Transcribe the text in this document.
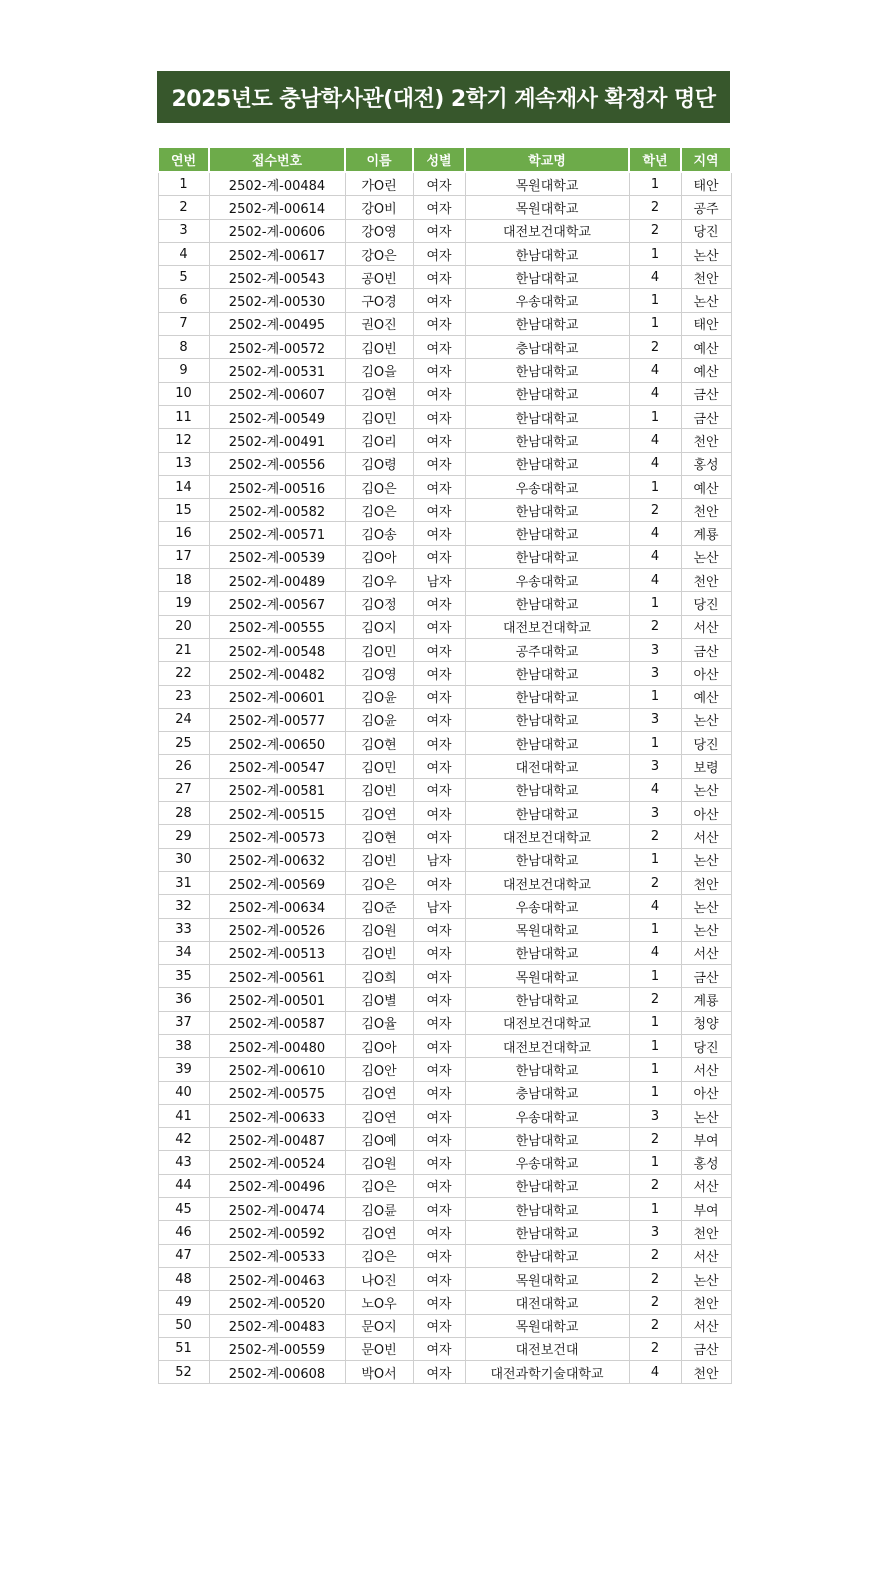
2025년도 충남학사관(대전) 2학기 계속재사 확정자 명단
연번	접수번호	이름	성별	학교명	학년	지역
1	2502-계-00484	가O린	여자	목원대학교	1	태안
2	2502-계-00614	강O비	여자	목원대학교	2	공주
3	2502-계-00606	강O영	여자	대전보건대학교	2	당진
4	2502-계-00617	강O은	여자	한남대학교	1	논산
5	2502-계-00543	공O빈	여자	한남대학교	4	천안
6	2502-계-00530	구O경	여자	우송대학교	1	논산
7	2502-계-00495	권O진	여자	한남대학교	1	태안
8	2502-계-00572	김O빈	여자	충남대학교	2	예산
9	2502-계-00531	김O을	여자	한남대학교	4	예산
10	2502-계-00607	김O현	여자	한남대학교	4	금산
11	2502-계-00549	김O민	여자	한남대학교	1	금산
12	2502-계-00491	김O리	여자	한남대학교	4	천안
13	2502-계-00556	김O령	여자	한남대학교	4	홍성
14	2502-계-00516	김O은	여자	우송대학교	1	예산
15	2502-계-00582	김O은	여자	한남대학교	2	천안
16	2502-계-00571	김O송	여자	한남대학교	4	계룡
17	2502-계-00539	김O아	여자	한남대학교	4	논산
18	2502-계-00489	김O우	남자	우송대학교	4	천안
19	2502-계-00567	김O정	여자	한남대학교	1	당진
20	2502-계-00555	김O지	여자	대전보건대학교	2	서산
21	2502-계-00548	김O민	여자	공주대학교	3	금산
22	2502-계-00482	김O영	여자	한남대학교	3	아산
23	2502-계-00601	김O윤	여자	한남대학교	1	예산
24	2502-계-00577	김O윤	여자	한남대학교	3	논산
25	2502-계-00650	김O현	여자	한남대학교	1	당진
26	2502-계-00547	김O민	여자	대전대학교	3	보령
27	2502-계-00581	김O빈	여자	한남대학교	4	논산
28	2502-계-00515	김O연	여자	한남대학교	3	아산
29	2502-계-00573	김O현	여자	대전보건대학교	2	서산
30	2502-계-00632	김O빈	남자	한남대학교	1	논산
31	2502-계-00569	김O은	여자	대전보건대학교	2	천안
32	2502-계-00634	김O준	남자	우송대학교	4	논산
33	2502-계-00526	김O원	여자	목원대학교	1	논산
34	2502-계-00513	김O빈	여자	한남대학교	4	서산
35	2502-계-00561	김O희	여자	목원대학교	1	금산
36	2502-계-00501	김O별	여자	한남대학교	2	계룡
37	2502-계-00587	김O율	여자	대전보건대학교	1	청양
38	2502-계-00480	김O아	여자	대전보건대학교	1	당진
39	2502-계-00610	김O안	여자	한남대학교	1	서산
40	2502-계-00575	김O연	여자	충남대학교	1	아산
41	2502-계-00633	김O연	여자	우송대학교	3	논산
42	2502-계-00487	김O예	여자	한남대학교	2	부여
43	2502-계-00524	김O원	여자	우송대학교	1	홍성
44	2502-계-00496	김O은	여자	한남대학교	2	서산
45	2502-계-00474	김O륜	여자	한남대학교	1	부여
46	2502-계-00592	김O연	여자	한남대학교	3	천안
47	2502-계-00533	김O은	여자	한남대학교	2	서산
48	2502-계-00463	나O진	여자	목원대학교	2	논산
49	2502-계-00520	노O우	여자	대전대학교	2	천안
50	2502-계-00483	문O지	여자	목원대학교	2	서산
51	2502-계-00559	문O빈	여자	대전보건대	2	금산
52	2502-계-00608	박O서	여자	대전과학기술대학교	4	천안
